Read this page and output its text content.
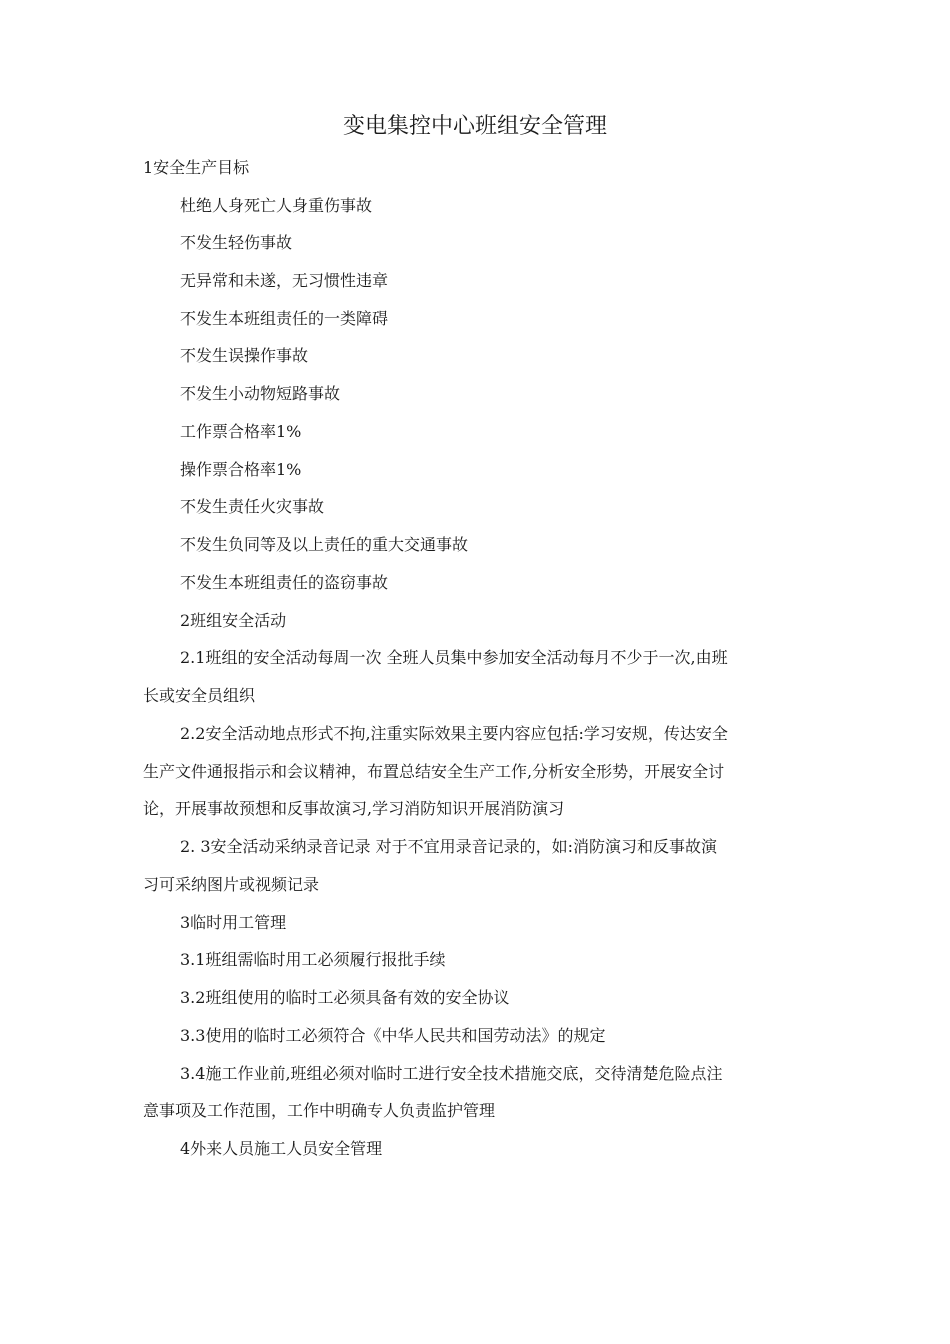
变电集控中心班组安全管理
1安全生产目标
杜绝人身死亡人身重伤事故
不发生轻伤事故
无异常和未遂，无习惯性违章
不发生本班组责任的一类障碍
不发生误操作事故
不发生小动物短路事故
工作票合格率1%
操作票合格率1%
不发生责任火灾事故
不发生负同等及以上责任的重大交通事故
不发生本班组责任的盗窃事故
2班组安全活动
2.1班组的安全活动每周一次 全班人员集中参加安全活动每月不少于一次,由班
长或安全员组织
2.2安全活动地点形式不拘,注重实际效果主要内容应包括:学习安规，传达安全
生产文件通报指示和会议精神，布置总结安全生产工作,分析安全形势，开展安全讨
论，开展事故预想和反事故演习,学习消防知识开展消防演习
2. 3安全活动采纳录音记录 对于不宜用录音记录的，如:消防演习和反事故演
习可采纳图片或视频记录
3临时用工管理
3.1班组需临时用工必须履行报批手续
3.2班组使用的临时工必须具备有效的安全协议
3.3使用的临时工必须符合《中华人民共和国劳动法》的规定
3.4施工作业前,班组必须对临时工进行安全技术措施交底，交待清楚危险点注
意事项及工作范围，工作中明确专人负责监护管理
4外来人员施工人员安全管理
